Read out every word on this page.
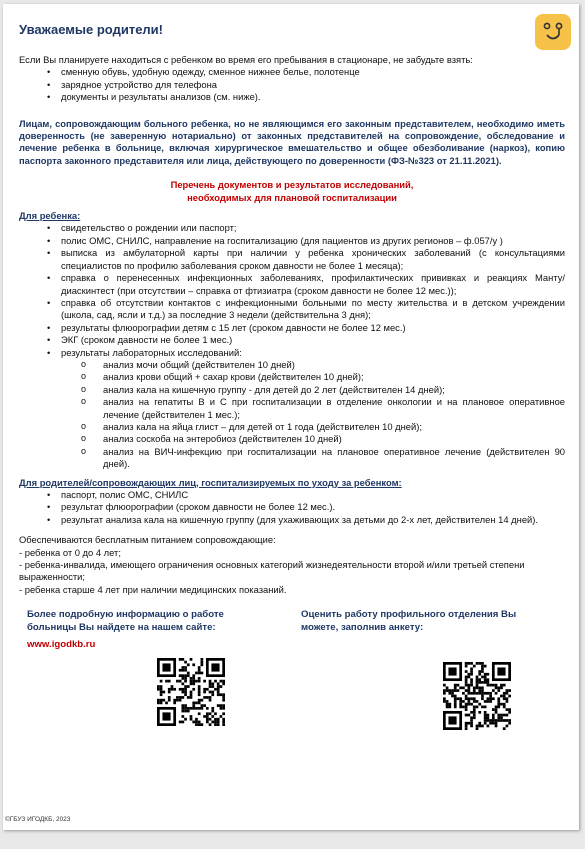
Уважаемые родители!

Если Вы планируете находиться с ребенком во время его пребывания в стационаре, не забудьте взять:

• сменную обувь, удобную одежду, сменное нижнее белье, полотенце
• зарядное устройство для телефона
• документы и результаты анализов (см. ниже).

Лицам, сопровождающим больного ребенка, но не являющимся его законным представителем, необходимо иметь доверенность (не заверенную нотариально) от законных представителей на сопровождение, обследование и лечение ребенка в больнице, включая хирургическое вмешательство и общее обезболивание (наркоз), копию паспорта законного представителя или лица, действующего по доверенности (ФЗ-№323 от 21.11.2021).

Перечень документов и результатов исследований,

необходимых для плановой госпитализации

Для ребенка:

• свидетельство о рождении или паспорт;
• полис ОМС, СНИЛС, направление на госпитализацию (для пациентов из других регионов – ф.057/у )
• выписка из амбулаторной карты при наличии у ребенка хронических заболеваний (с консультациями специалистов по профилю заболевания сроком давности не более 1 месяца);
• справка о перенесенных инфекционных заболеваниях, профилактических прививках и реакциях Манту/диаскинтест (при отсутствии – справка от фтизиатра (сроком давности не более 12 мес.));
• справка об отсутствии контактов с инфекционными больными по месту жительства и в детском учреждении (школа, сад, ясли и т.д.) за последние 3 недели (действительна 3 дня);
• результаты флюорографии детям с 15 лет (сроком давности не более 12 мес.)
• ЭКГ (сроком давности не более 1 мес.)
• результаты лабораторных исследований:
o анализ мочи общий (действителен 10 дней)
o анализ крови общий + сахар крови (действителен 10 дней);
o анализ кала на кишечную группу - для детей до 2 лет (действителен 14 дней);
o анализ на гепатиты В и С при госпитализации в отделение онкологии и на плановое оперативное лечение (действителен 1 мес.);
o анализ кала на яйца глист – для детей от 1 года (действителен 10 дней);
o анализ соскоба на энтеробиоз (действителен 10 дней)
o анализ на ВИЧ-инфекцию при госпитализации на плановое оперативное лечение (действителен 90 дней).

Для родителей/сопровождающих лиц, госпитализируемых по уходу за ребенком:

• паспорт, полис ОМС, СНИЛС
• результат флюорографии (сроком давности не более 12 мес.).
• результат анализа кала на кишечную группу (для ухаживающих за детьми до 2-х лет, действителен 14 дней).

Обеспечиваются бесплатным питанием сопровождающие:

- ребенка от 0 до 4 лет;

- ребенка-инвалида, имеющего ограничения основных категорий жизнедеятельности второй и/или третьей степени выраженности;

- ребенка старше 4 лет при наличии медицинских показаний.

Более подробную информацию о работе больницы Вы найдете на нашем сайте:
www.igodkb.ru
Оценить работу профильного отделения Вы можете, заполнив анкету:
©ГБУЗ ИГОДКБ, 2023
